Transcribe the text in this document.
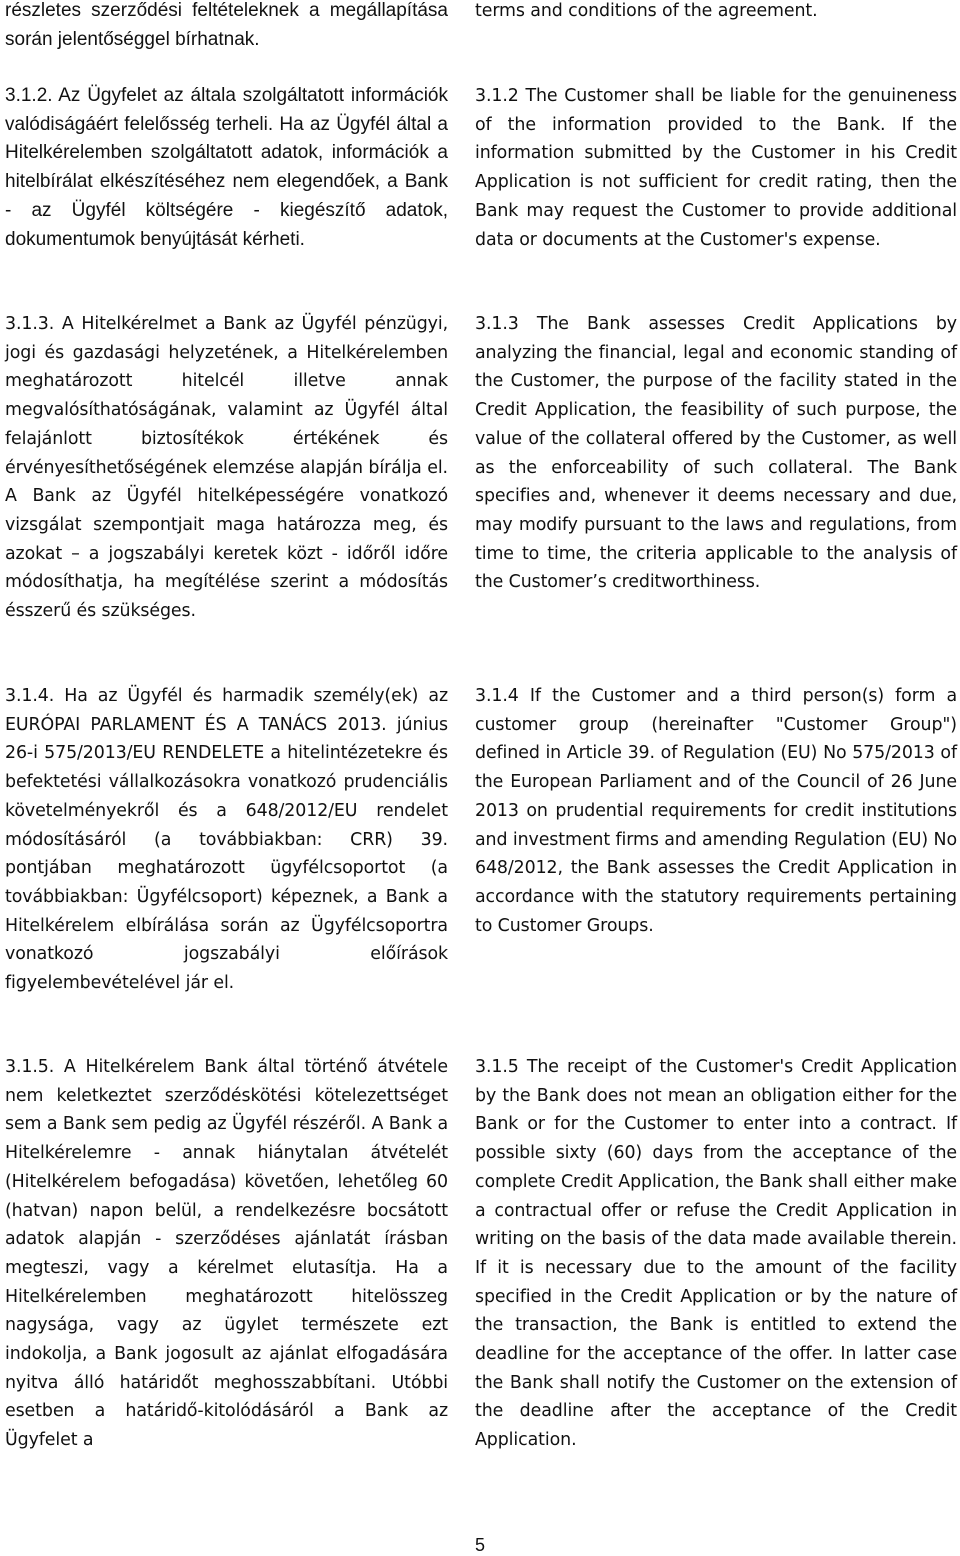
részletes szerződési feltételeknek a megállapítása során jelentőséggel bírhatnak.

terms and conditions of the agreement.

3.1.2. Az Ügyfelet az általa szolgáltatott információk valódiságáért felelősség terheli. Ha az Ügyfél által a Hitelkérelemben szolgáltatott adatok, információk a hitelbírálat elkészítéséhez nem elegendőek, a Bank - az Ügyfél költségére - kiegészítő adatok, dokumentumok benyújtását kérheti.

3.1.2 The Customer shall be liable for the genuineness of the information provided to the Bank. If the information submitted by the Customer in his Credit Application is not sufficient for credit rating, then the Bank may request the Customer to provide additional data or documents at the Customer's expense.

3.1.3. A Hitelkérelmet a Bank az Ügyfél pénzügyi, jogi és gazdasági helyzetének, a Hitelkérelemben meghatározott hitelcél illetve annak megvalósíthatóságának, valamint az Ügyfél által felajánlott biztosítékok értékének és érvényesíthetőségének elemzése alapján bírálja el. A Bank az Ügyfél hitelképességére vonatkozó vizsgálat szempontjait maga határozza meg, és azokat – a jogszabályi keretek közt - időről időre módosíthatja, ha megítélése szerint a módosítás ésszerű és szükséges.

3.1.3 The Bank assesses Credit Applications by analyzing the financial, legal and economic standing of the Customer, the purpose of the facility stated in the Credit Application, the feasibility of such purpose, the value of the collateral offered by the Customer, as well as the enforceability of such collateral. The Bank specifies and, whenever it deems necessary and due, may modify pursuant to the laws and regulations, from time to time, the criteria applicable to the analysis of the Customer’s creditworthiness.

3.1.4. Ha az Ügyfél és harmadik személy(ek) az EURÓPAI PARLAMENT ÉS A TANÁCS 2013. június 26-i 575/2013/EU RENDELETE a hitelintézetekre és befektetési vállalkozásokra vonatkozó prudenciális követelményekről és a 648/2012/EU rendelet módosításáról (a továbbiakban: CRR) 39. pontjában meghatározott ügyfélcsoportot (a továbbiakban: Ügyfélcsoport) képeznek, a Bank a Hitelkérelem elbírálása során az Ügyfélcsoportra vonatkozó jogszabályi előírások figyelembevételével jár el.

3.1.4 If the Customer and a third person(s) form a customer group (hereinafter "Customer Group") defined in Article 39. of Regulation (EU) No 575/2013 of the European Parliament and of the Council of 26 June 2013 on prudential requirements for credit institutions and investment firms and amending Regulation (EU) No 648/2012, the Bank assesses the Credit Application in accordance with the statutory requirements pertaining to Customer Groups.

3.1.5. A Hitelkérelem Bank által történő átvétele nem keletkeztet szerződéskötési kötelezettséget sem a Bank sem pedig az Ügyfél részéről. A Bank a Hitelkérelemre - annak hiánytalan átvételét (Hitelkérelem befogadása) követően, lehetőleg 60 (hatvan) napon belül, a rendelkezésre bocsátott adatok alapján - szerződéses ajánlatát írásban megteszi, vagy a kérelmet elutasítja. Ha a Hitelkérelemben meghatározott hitelösszeg nagysága, vagy az ügylet természete ezt indokolja, a Bank jogosult az ajánlat elfogadására nyitva álló határidőt meghosszabbítani. Utóbbi esetben a határidő-kitolódásáról a Bank az Ügyfelet a

3.1.5 The receipt of the Customer's Credit Application by the Bank does not mean an obligation either for the Bank or for the Customer to enter into a contract. If possible sixty (60) days from the acceptance of the complete Credit Application, the Bank shall either make a contractual offer or refuse the Credit Application in writing on the basis of the data made available therein. If it is necessary due to the amount of the facility specified in the Credit Application or by the nature of the transaction, the Bank is entitled to extend the deadline for the acceptance of the offer. In latter case the Bank shall notify the Customer on the extension of the deadline after the acceptance of the Credit Application.

5
